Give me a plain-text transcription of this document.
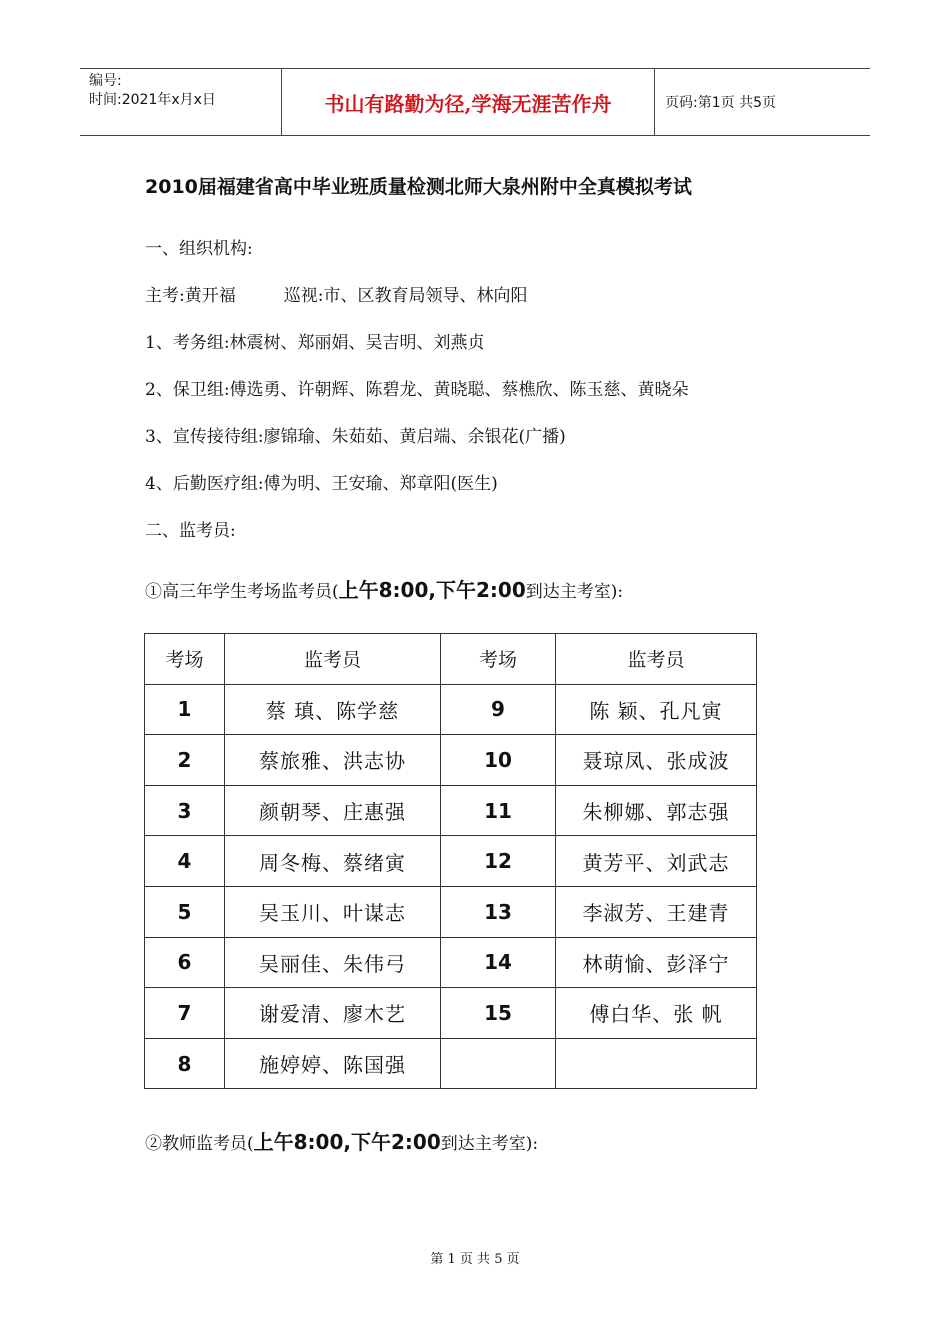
编号:
时间:2021年x月x日	书山有路勤为径,学海无涯苦作舟	页码:第1页 共5页
2010届福建省高中毕业班质量检测北师大泉州附中全真模拟考试
一、组织机构:
主考:黄开福	巡视:市、区教育局领导、林向阳
1、考务组:林震树、郑丽娟、吴吉明、刘燕贞
2、保卫组:傅选勇、许朝辉、陈碧龙、黄晓聪、蔡樵欣、陈玉慈、黄晓朵
3、宣传接待组:廖锦瑜、朱茹茹、黄启端、余银花(广播)
4、后勤医疗组:傅为明、王安瑜、郑章阳(医生)
二、监考员:
①高三年学生考场监考员(上午8:00,下午2:00到达主考室):
考场	监考员	考场	监考员
1	蔡 瑱、陈学慈	9	陈 颖、孔凡寅
2	蔡旅雅、洪志协	10	聂琼凤、张成波
3	颜朝琴、庄惠强	11	朱柳娜、郭志强
4	周冬梅、蔡绪寅	12	黄芳平、刘武志
5	吴玉川、叶谋志	13	李淑芳、王建青
6	吴丽佳、朱伟弓	14	林萌愉、彭泽宁
7	谢爱清、廖木艺	15	傅白华、张 帆
8	施婷婷、陈国强		
②教师监考员(上午8:00,下午2:00到达主考室):
第 1 页 共 5 页
